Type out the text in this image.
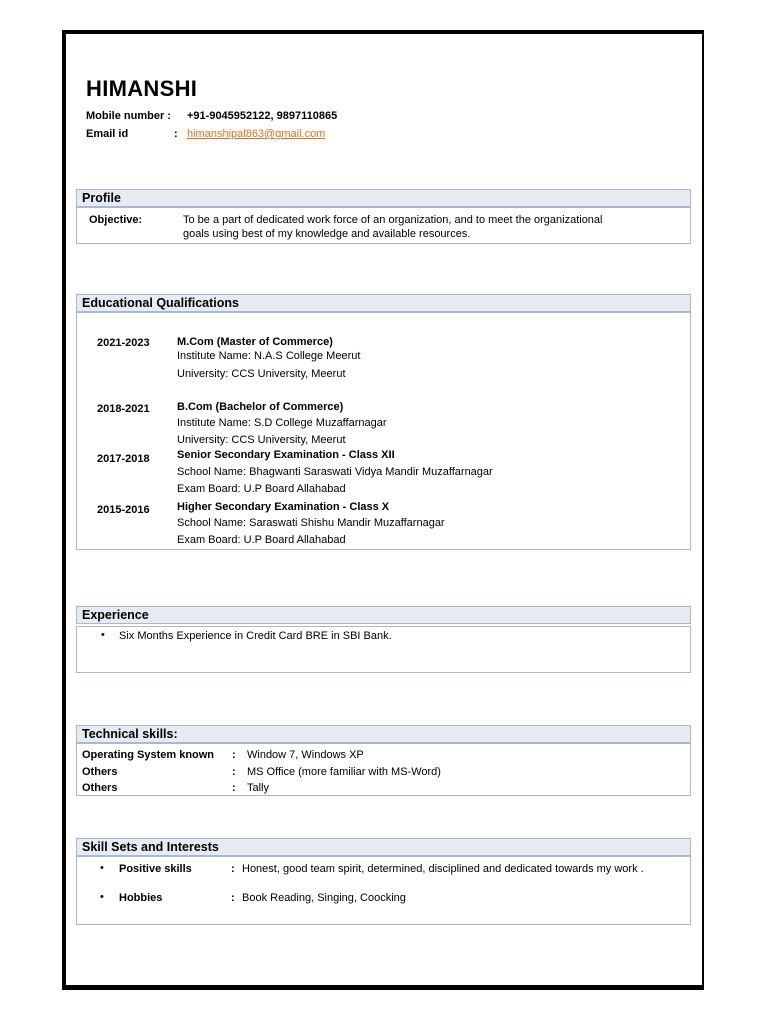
HIMANSHI
Mobile number : +91-9045952122, 9897110865
Email id	: himanshipal863@gmail.com
Profile
Objective:	To be a part of dedicated work force of an organization, and to meet the organizational
goals using best of my knowledge and available resources.
Educational Qualifications
2021-2023 M.Com (Master of Commerce)
Institute Name: N.A.S College Meerut
University: CCS University, Meerut
2018-2021 B.Com (Bachelor of Commerce)
Institute Name: S.D College Muzaffarnagar
University: CCS University, Meerut
2017-2018 Senior Secondary Examination - Class XII
School Name: Bhagwanti Saraswati Vidya Mandir Muzaffarnagar
Exam Board: U.P Board Allahabad
2015-2016 Higher Secondary Examination - Class X
School Name: Saraswati Shishu Mandir Muzaffarnagar
Exam Board: U.P Board Allahabad
Experience
• Six Months Experience in Credit Card BRE in SBI Bank.
Technical skills:
Operating System known : Window 7, Windows XP
Others	: MS Office (more familiar with MS-Word)
Others	: Tally
Skill Sets and Interests
• Positive skills	: Honest, good team spirit, determined, disciplined and dedicated towards my work .
• Hobbies	: Book Reading, Singing, Coocking
